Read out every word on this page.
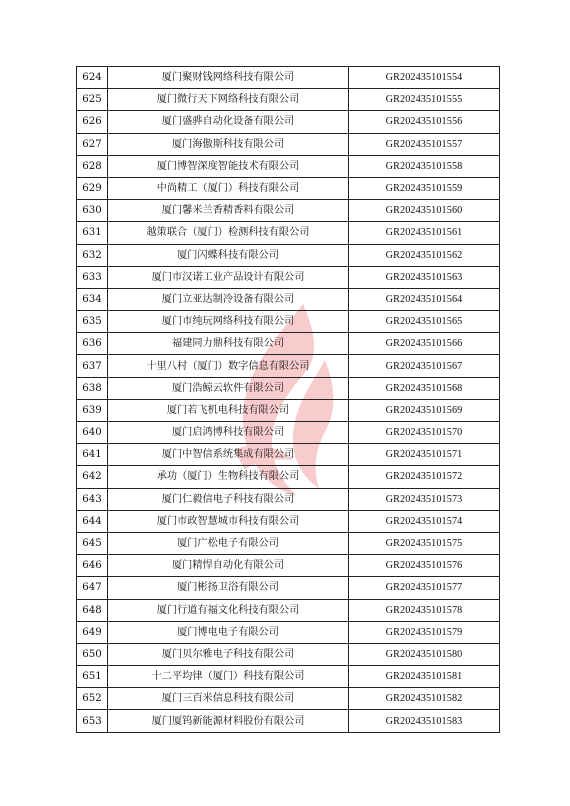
624	厦门聚财钱网络科技有限公司	GR202435101554
625	厦门微行天下网络科技有限公司	GR202435101555
626	厦门盛骅自动化设备有限公司	GR202435101556
627	厦门海傲斯科技有限公司	GR202435101557
628	厦门博智深度智能技术有限公司	GR202435101558
629	中尚精工（厦门）科技有限公司	GR202435101559
630	厦门馨米兰香精香料有限公司	GR202435101560
631	越策联合（厦门）检测科技有限公司	GR202435101561
632	厦门闪蝶科技有限公司	GR202435101562
633	厦门市汉诺工业产品设计有限公司	GR202435101563
634	厦门立亚达制冷设备有限公司	GR202435101564
635	厦门市纯玩网络科技有限公司	GR202435101565
636	福建同力鼎科技有限公司	GR202435101566
637	十里八村（厦门）数字信息有限公司	GR202435101567
638	厦门浩鲸云软件有限公司	GR202435101568
639	厦门若飞机电科技有限公司	GR202435101569
640	厦门启鸿博科技有限公司	GR202435101570
641	厦门中智信系统集成有限公司	GR202435101571
642	承功（厦门）生物科技有限公司	GR202435101572
643	厦门仁毅信电子科技有限公司	GR202435101573
644	厦门市政智慧城市科技有限公司	GR202435101574
645	厦门广松电子有限公司	GR202435101575
646	厦门精悍自动化有限公司	GR202435101576
647	厦门彬扬卫浴有限公司	GR202435101577
648	厦门行道有福文化科技有限公司	GR202435101578
649	厦门博电电子有限公司	GR202435101579
650	厦门贝尔雅电子科技有限公司	GR202435101580
651	十二平均律（厦门）科技有限公司	GR202435101581
652	厦门三百米信息科技有限公司	GR202435101582
653	厦门厦钨新能源材料股份有限公司	GR202435101583
